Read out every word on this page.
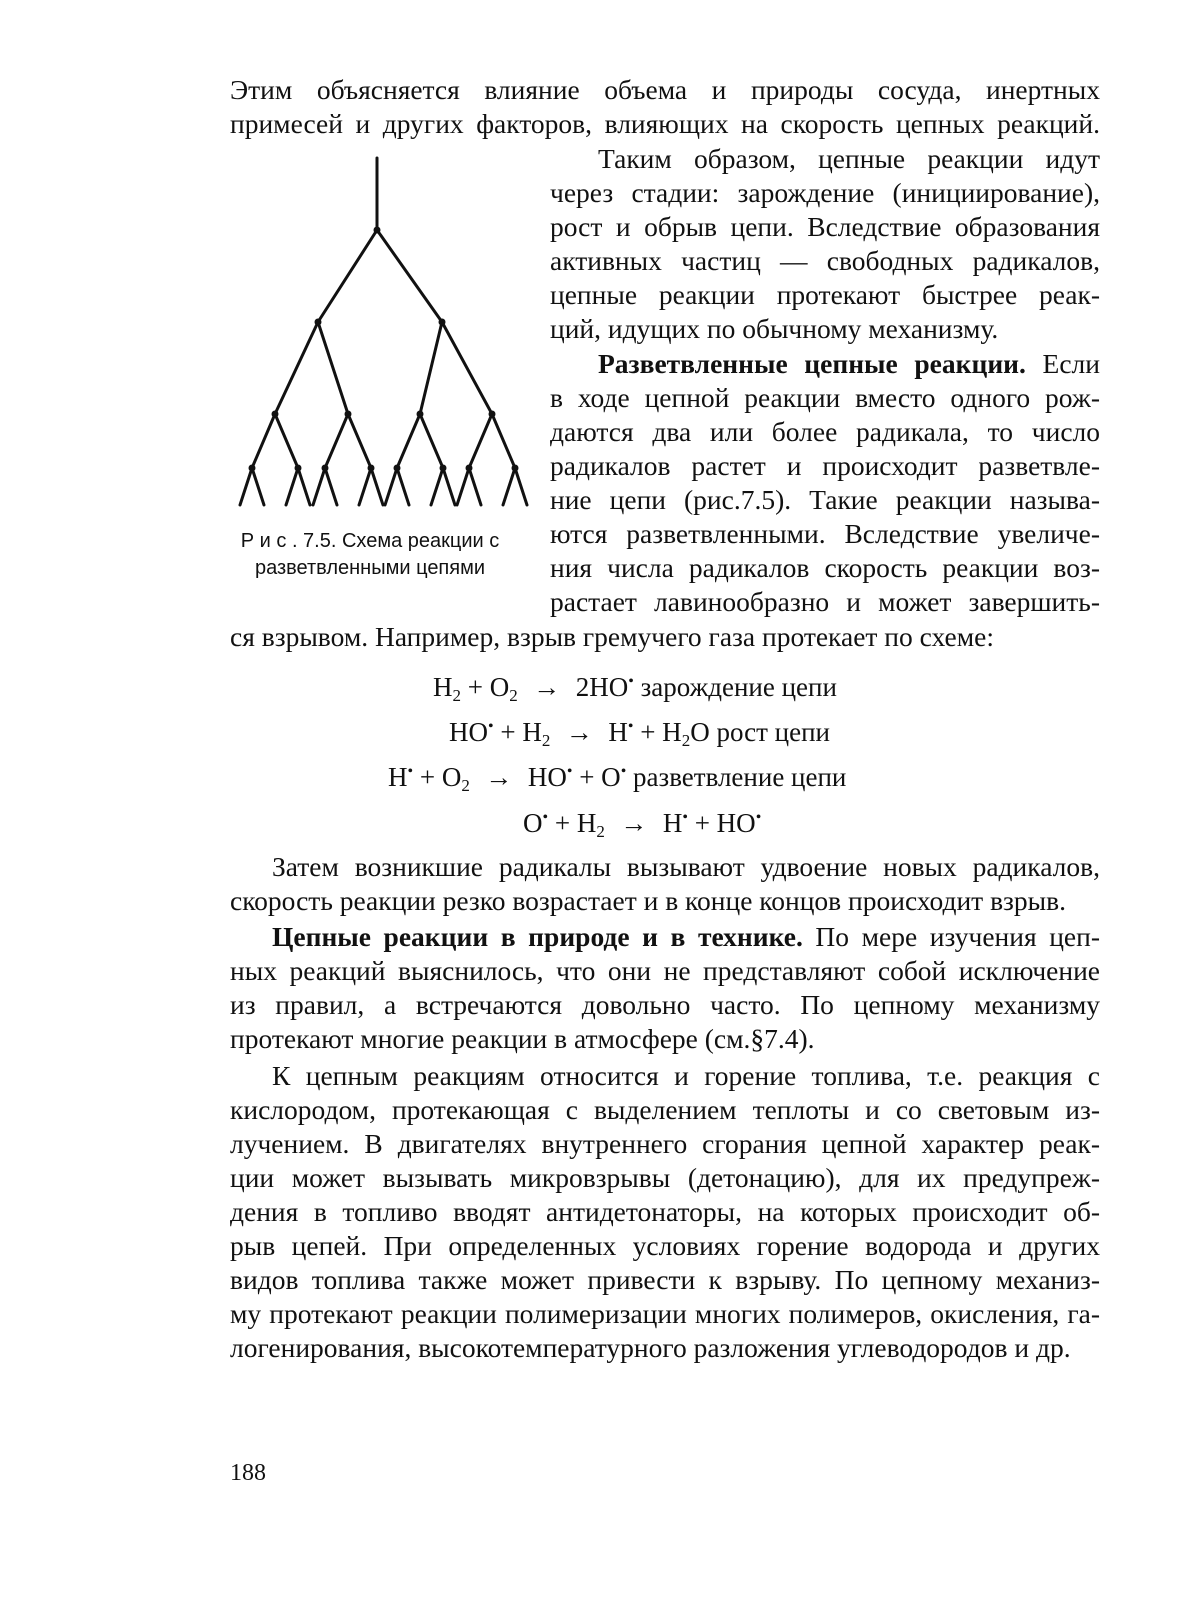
Этим объясняется влияние объема и природы сосуда, инертных
примесей и других факторов, влияющих на скорость цепных реакций.
Р и с . 7.5. Схема реакции с
разветвленными цепями
Таким образом, цепные реакции идут
через стадии: зарождение (инициирование),
рост и обрыв цепи. Вследствие образования
активных частиц — свободных радикалов,
цепные реакции протекают быстрее реак-
ций, идущих по обычному механизму.
Разветвленные цепные реакции. Если
в ходе цепной реакции вместо одного рож-
даются два или более радикала, то число
радикалов растет и происходит разветвле-
ние цепи (рис.7.5). Такие реакции называ-
ются разветвленными. Вследствие увеличе-
ния числа радикалов скорость реакции воз-
растает лавинообразно и может завершить-
ся взрывом. Например, взрыв гремучего газа протекает по схеме:
$H_2 + O_2 \to 2HO^•$ зарождение цепи
$HO^• + H_2 \to H^• + H_2O$ рост цепи
$H^• + O_2 \to HO^• + O^•$ разветвление цепи
$O^• + H_2 \to H^• + HO^•$
Затем возникшие радикалы вызывают удвоение новых радикалов,
скорость реакции резко возрастает и в конце концов происходит взрыв.
Цепные реакции в природе и в технике. По мере изучения цеп-
ных реакций выяснилось, что они не представляют собой исключение
из правил, а встречаются довольно часто. По цепному механизму
протекают многие реакции в атмосфере (см.§7.4).
К цепным реакциям относится и горение топлива, т.е. реакция с
кислородом, протекающая с выделением теплоты и со световым из-
лучением. В двигателях внутреннего сгорания цепной характер реак-
ции может вызывать микровзрывы (детонацию), для их предупреж-
дения в топливо вводят антидетонаторы, на которых происходит об-
рыв цепей. При определенных условиях горение водорода и других
видов топлива также может привести к взрыву. По цепному механиз-
му протекают реакции полимеризации многих полимеров, окисления, га-
логенирования, высокотемпературного разложения углеводородов и др.
188
